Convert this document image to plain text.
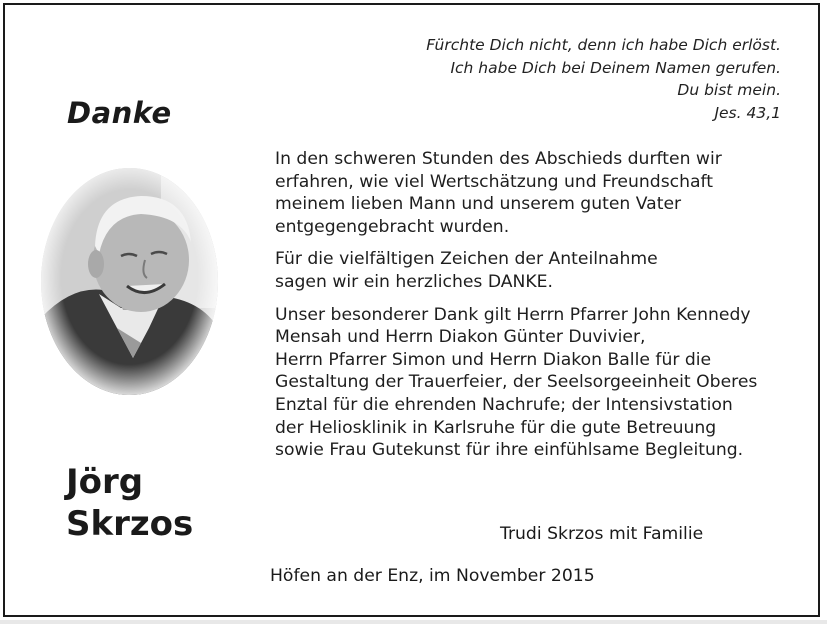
Fürchte Dich nicht, denn ich habe Dich erlöst.
Ich habe Dich bei Deinem Namen gerufen.
Du bist mein.
Jes. 43,1
Danke
Jörg
Skrzos

In den schweren Stunden des Abschieds durften wir
erfahren, wie viel Wertschätzung und Freundschaft
meinem lieben Mann und unserem guten Vater
entgegengebracht wurden.

Für die vielfältigen Zeichen der Anteilnahme
sagen wir ein herzliches DANKE.

Unser besonderer Dank gilt Herrn Pfarrer John Kennedy
Mensah und Herrn Diakon Günter Duvivier,
Herrn Pfarrer Simon und Herrn Diakon Balle für die
Gestaltung der Trauerfeier, der Seelsorgeeinheit Oberes
Enztal für die ehrenden Nachrufe; der Intensivstation
der Heliosklinik in Karlsruhe für die gute Betreuung
sowie Frau Gutekunst für ihre einfühlsame Begleitung.

Trudi Skrzos mit Familie
Höfen an der Enz, im November 2015
